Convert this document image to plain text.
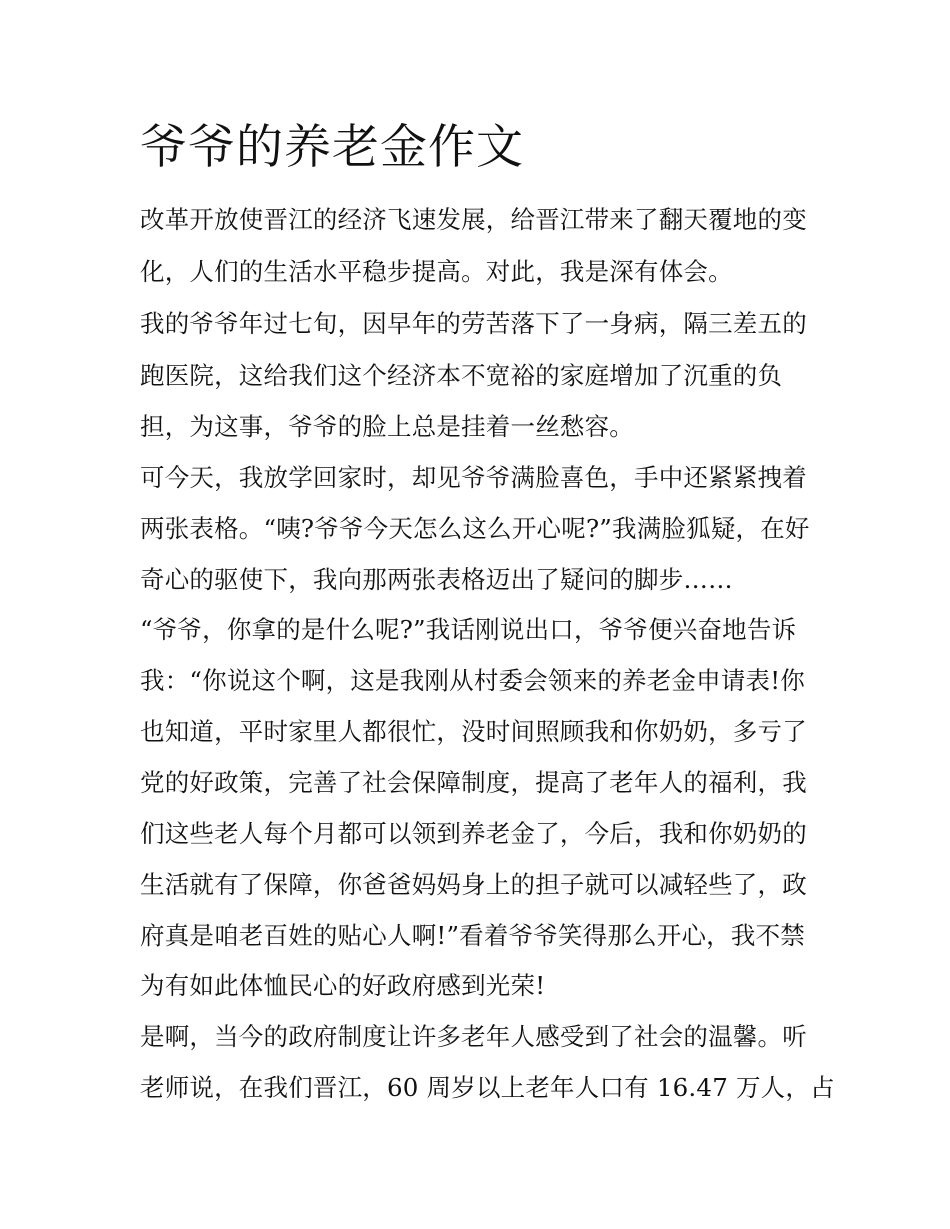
爷爷的养老金作文
改革开放使晋江的经济飞速发展，给晋江带来了翻天覆地的变
化，人们的生活水平稳步提高。对此，我是深有体会。
我的爷爷年过七旬，因早年的劳苦落下了一身病，隔三差五的
跑医院，这给我们这个经济本不宽裕的家庭增加了沉重的负
担，为这事，爷爷的脸上总是挂着一丝愁容。
可今天，我放学回家时，却见爷爷满脸喜色，手中还紧紧拽着
两张表格。“咦?爷爷今天怎么这么开心呢?”我满脸狐疑，在好
奇心的驱使下，我向那两张表格迈出了疑问的脚步……
“爷爷，你拿的是什么呢?”我话刚说出口，爷爷便兴奋地告诉
我：“你说这个啊，这是我刚从村委会领来的养老金申请表!你
也知道，平时家里人都很忙，没时间照顾我和你奶奶，多亏了
党的好政策，完善了社会保障制度，提高了老年人的福利，我
们这些老人每个月都可以领到养老金了，今后，我和你奶奶的
生活就有了保障，你爸爸妈妈身上的担子就可以减轻些了，政
府真是咱老百姓的贴心人啊!”看着爷爷笑得那么开心，我不禁
为有如此体恤民心的好政府感到光荣!
是啊，当今的政府制度让许多老年人感受到了社会的温馨。听
老师说，在我们晋江，60 周岁以上老年人口有 16.47 万人，占
